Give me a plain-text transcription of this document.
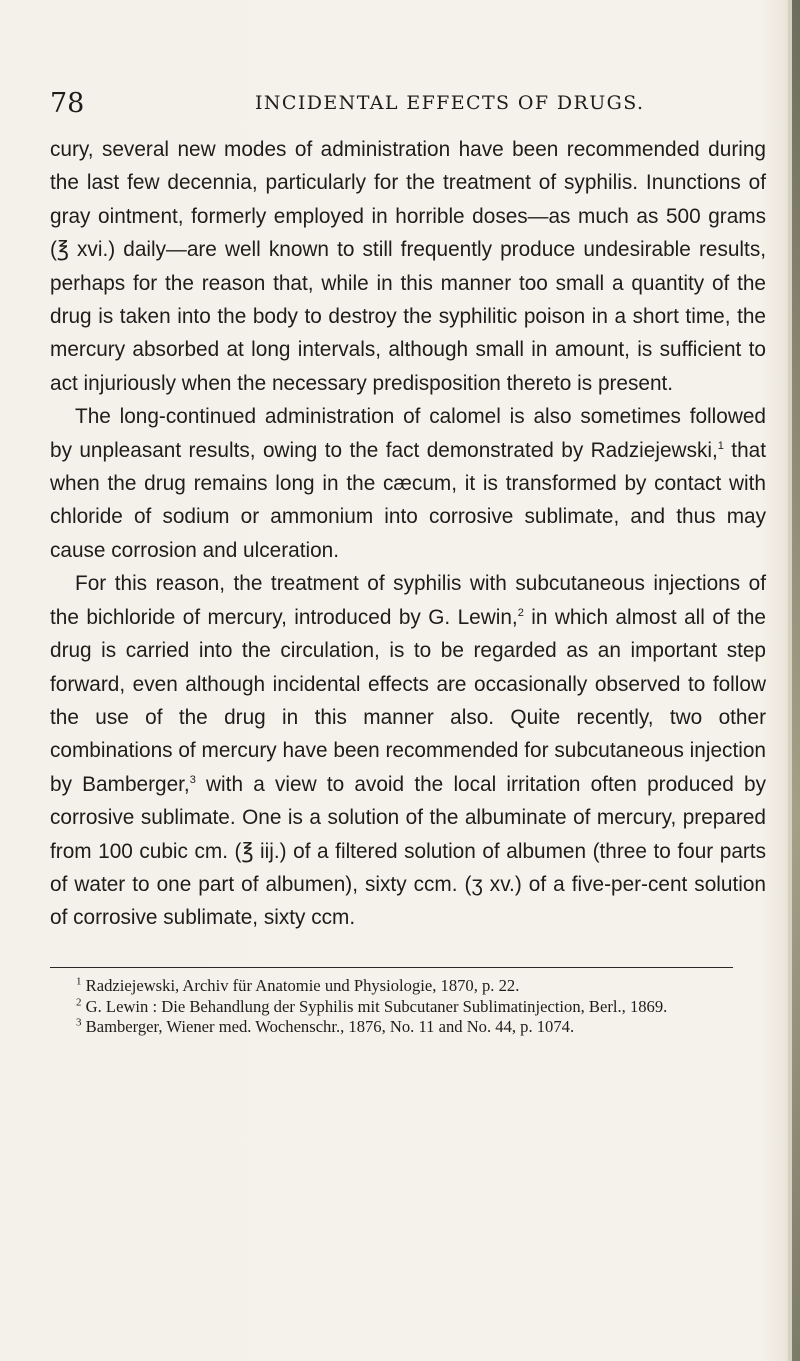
78	INCIDENTAL EFFECTS OF DRUGS.

cury, several new modes of administration have been recommended during the last few decennia, particularly for the treatment of syphilis. Inunctions of gray ointment, formerly employed in horrible doses—as much as 500 grams (℥ xvi.) daily—are well known to still frequently produce undesirable results, perhaps for the reason that, while in this manner too small a quantity of the drug is taken into the body to destroy the syphilitic poison in a short time, the mercury absorbed at long intervals, although small in amount, is sufficient to act injuriously when the necessary predisposition thereto is present.

The long-continued administration of calomel is also sometimes followed by unpleasant results, owing to the fact demonstrated by Radziejewski,$^1$ that when the drug remains long in the cæcum, it is transformed by contact with chloride of sodium or ammonium into corrosive sublimate, and thus may cause corrosion and ulceration.

For this reason, the treatment of syphilis with subcutaneous injections of the bichloride of mercury, introduced by G. Lewin,$^2$ in which almost all of the drug is carried into the circulation, is to be regarded as an important step forward, even although incidental effects are occasionally observed to follow the use of the drug in this manner also. Quite recently, two other combinations of mercury have been recommended for subcutaneous injection by Bamberger,$^3$ with a view to avoid the local irritation often produced by corrosive sublimate. One is a solution of the albuminate of mercury, prepared from 100 cubic cm. (℥ iij.) of a filtered solution of albumen (three to four parts of water to one part of albumen), sixty ccm. (ʒ xv.) of a five-per-cent solution of corrosive sublimate, sixty ccm.

$^1$ Radziejewski, Archiv für Anatomie und Physiologie, 1870, p. 22.

$^2$ G. Lewin : Die Behandlung der Syphilis mit Subcutaner Sublimatinjection, Berl., 1869.

$^3$ Bamberger, Wiener med. Wochenschr., 1876, No. 11 and No. 44, p. 1074.
